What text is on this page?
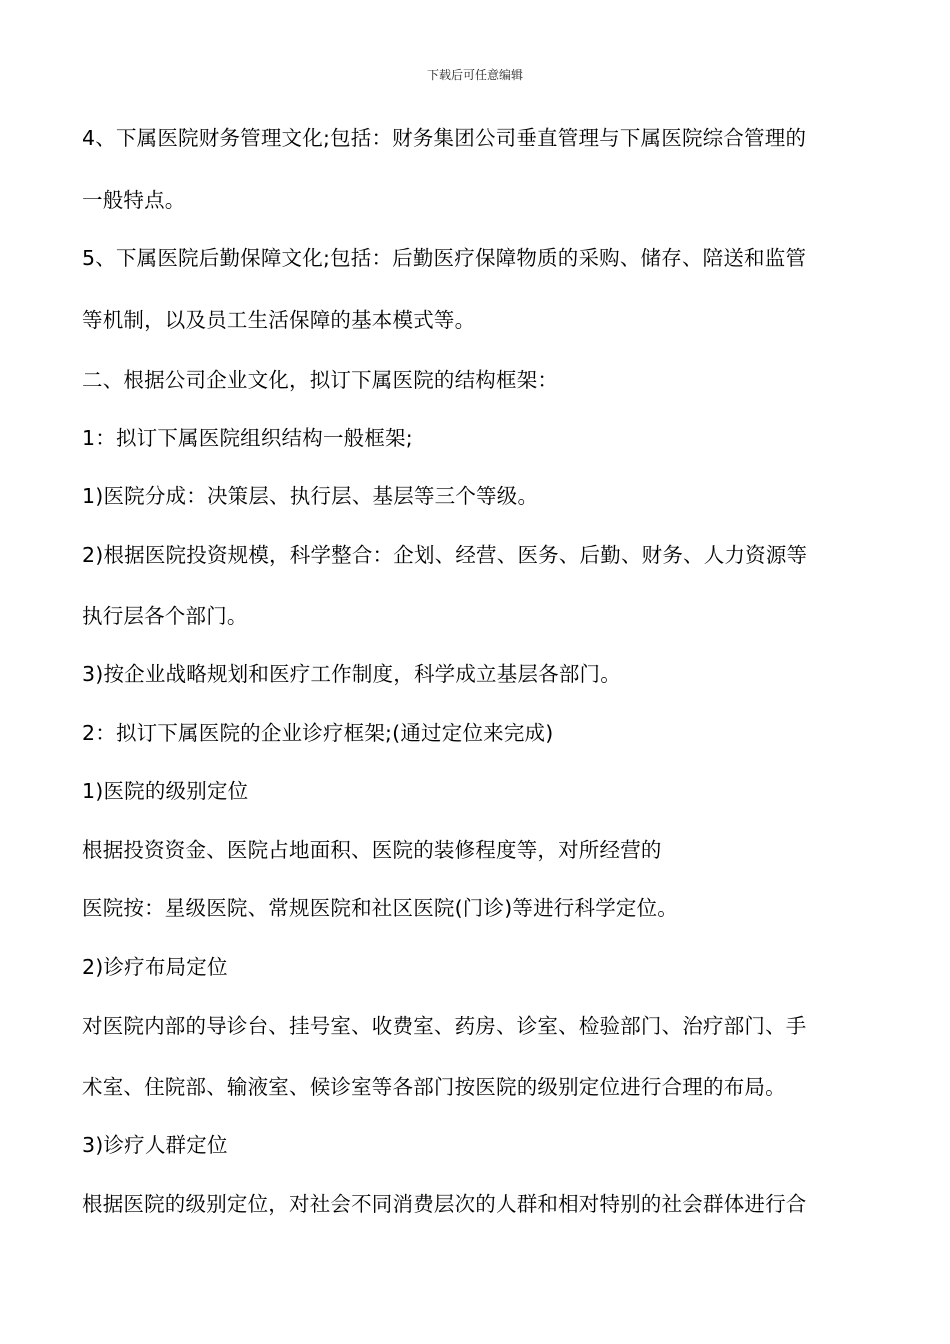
下载后可任意编辑
4、下属医院财务管理文化;包括：财务集团公司垂直管理与下属医院综合管理的
一般特点。
5、下属医院后勤保障文化;包括：后勤医疗保障物质的采购、储存、陪送和监管
等机制，以及员工生活保障的基本模式等。
二、根据公司企业文化，拟订下属医院的结构框架：
1：拟订下属医院组织结构一般框架;
1)医院分成：决策层、执行层、基层等三个等级。
2)根据医院投资规模，科学整合：企划、经营、医务、后勤、财务、人力资源等
执行层各个部门。
3)按企业战略规划和医疗工作制度，科学成立基层各部门。
2：拟订下属医院的企业诊疗框架;(通过定位来完成)
1)医院的级别定位
根据投资资金、医院占地面积、医院的装修程度等，对所经营的
医院按：星级医院、常规医院和社区医院(门诊)等进行科学定位。
2)诊疗布局定位
对医院内部的导诊台、挂号室、收费室、药房、诊室、检验部门、治疗部门、手
术室、住院部、输液室、候诊室等各部门按医院的级别定位进行合理的布局。
3)诊疗人群定位
根据医院的级别定位，对社会不同消费层次的人群和相对特别的社会群体进行合
